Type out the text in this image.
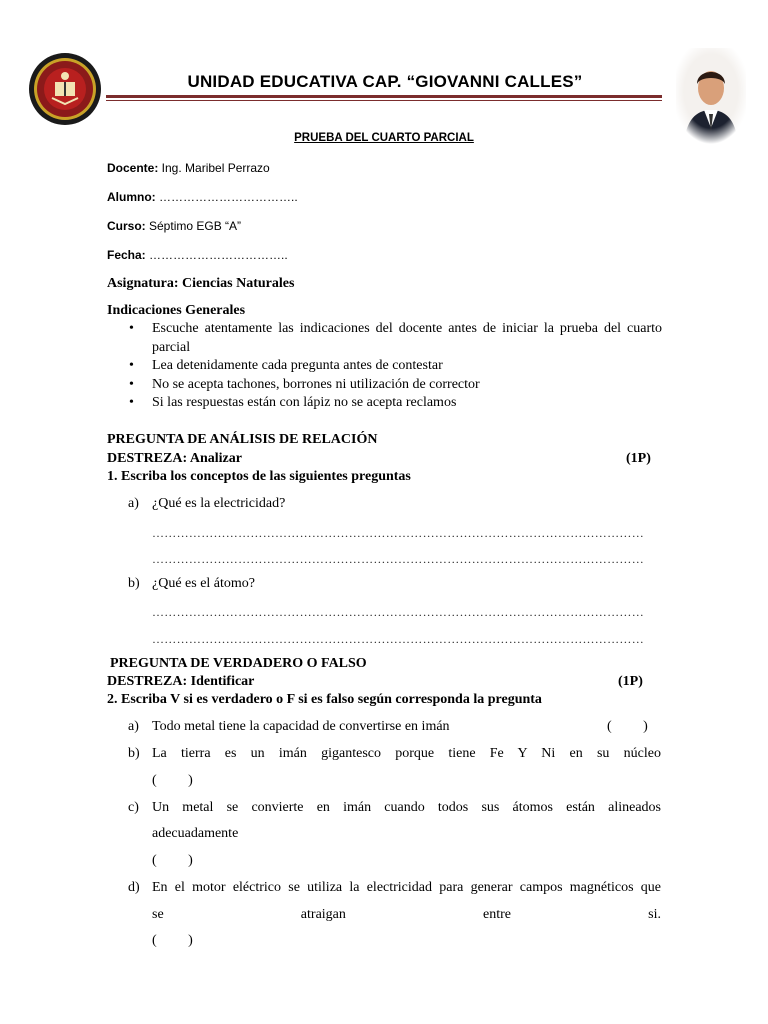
UNIDAD EDUCATIVA CAP. “GIOVANNI CALLES”
PRUEBA DEL CUARTO PARCIAL
Docente: Ing. Maribel Perrazo
Alumno: ……………………………..
Curso: Séptimo EGB “A”
Fecha: ……………………………..
Asignatura: Ciencias Naturales
Indicaciones Generales
• Escuche atentamente las indicaciones del docente antes de iniciar la prueba del cuarto parcial
• Lea detenidamente cada pregunta antes de contestar
• No se acepta tachones, borrones ni utilización de corrector
• Si las respuestas están con lápiz no se acepta reclamos
PREGUNTA DE ANÁLISIS DE RELACIÓN
DESTREZA: Analizar	(1P)
1. Escriba los conceptos de las siguientes preguntas
a) ¿Qué es la electricidad?
…………………………………………………………………………………………………………
…………………………………………………………………………………………………………
b) ¿Qué es el átomo?
…………………………………………………………………………………………………………
…………………………………………………………………………………………………………
PREGUNTA DE VERDADERO O FALSO
DESTREZA: Identificar	(1P)
2. Escriba V si es verdadero o F si es falso según corresponda la pregunta
a) Todo metal tiene la capacidad de convertirse en imán	(         )
b) La tierra es un imán gigantesco porque tiene Fe Y Ni en su núcleo
(         )
c) Un metal se convierte en imán cuando todos sus átomos están alineados
adecuadamente
(         )
d) En el motor eléctrico se utiliza la electricidad para generar campos magnéticos que
se	atraigan	entre	si.
(         )
